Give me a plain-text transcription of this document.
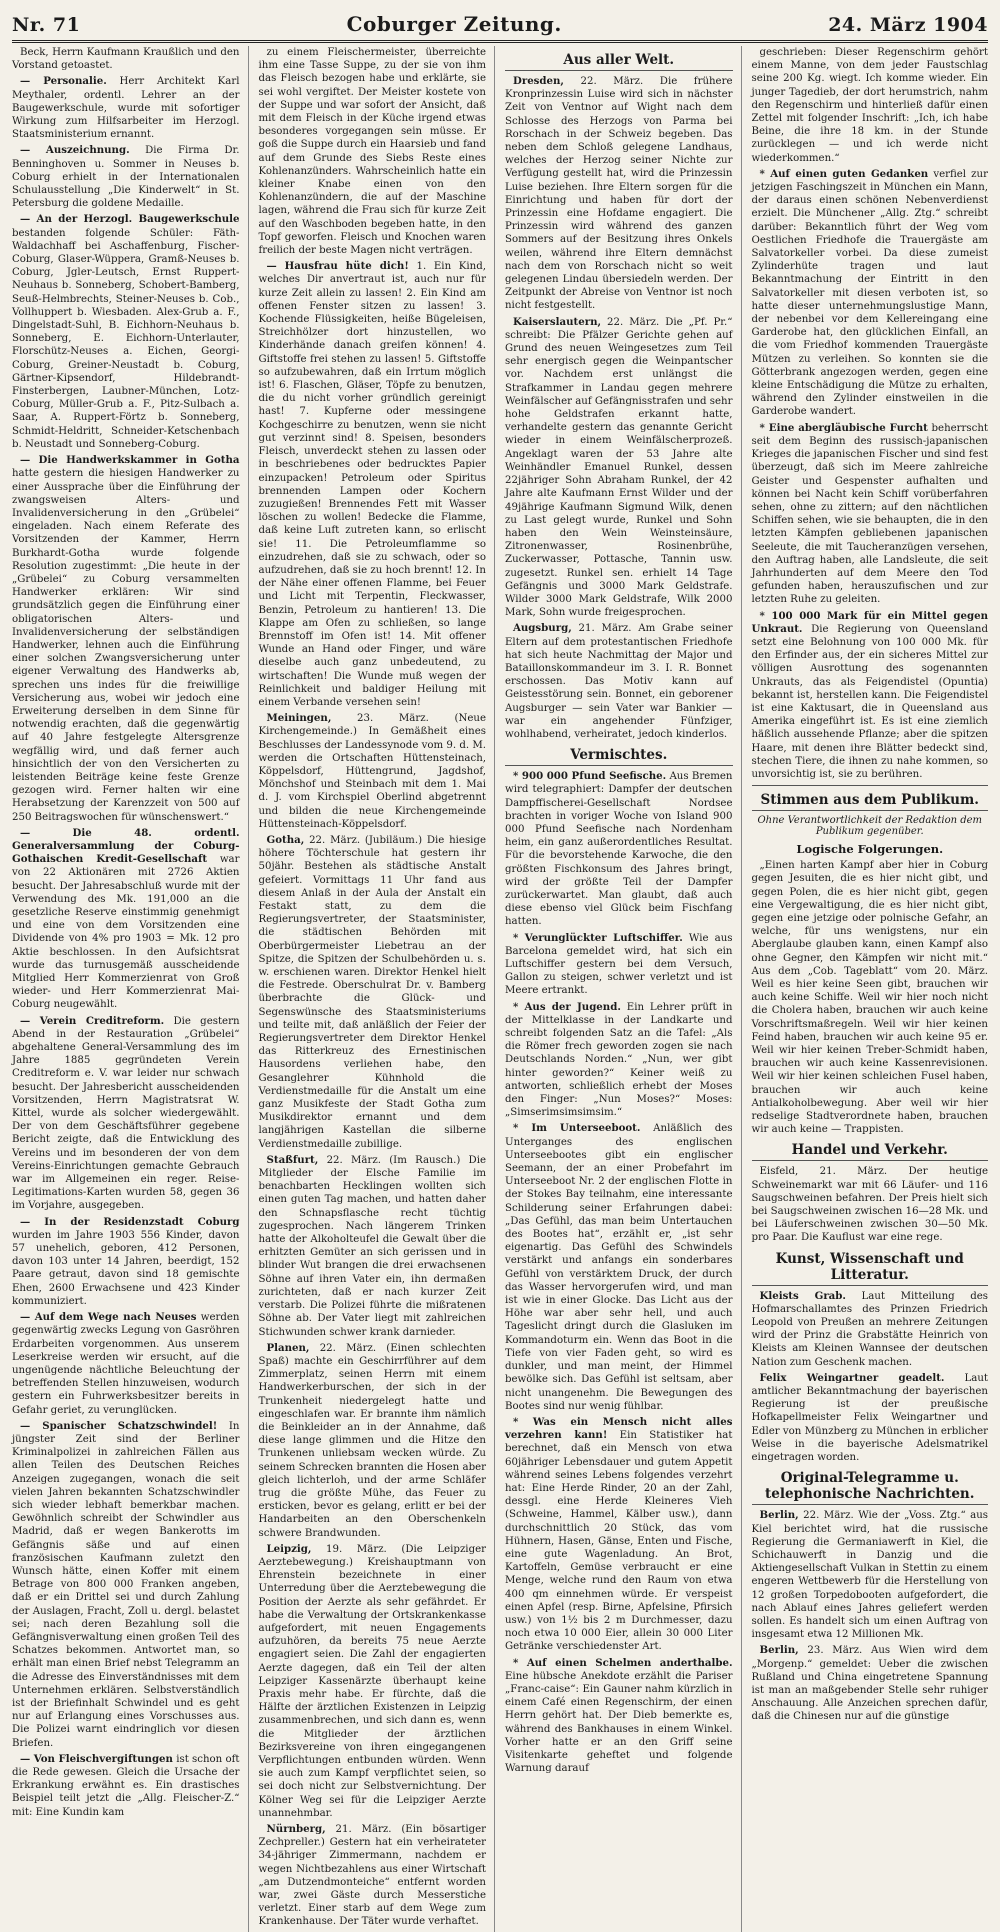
Nr. 71	Coburger Zeitung.	24. März 1904

Beck, Herrn Kaufmann Kraußlich und den Vorstand getoastet.

— Personalie. Herr Architekt Karl Meythaler, ordentl. Lehrer an der Baugewerkschule, wurde mit sofortiger Wirkung zum Hilfsarbeiter im Herzogl. Staatsministerium ernannt.

— Auszeichnung. Die Firma Dr. Benninghoven u. Sommer in Neuses b. Coburg erhielt in der Internationalen Schulausstellung „Die Kinderwelt“ in St. Petersburg die goldene Medaille.

— An der Herzogl. Baugewerkschule bestanden folgende Schüler: Fäth-Waldachhaff bei Aschaffenburg, Fischer-Coburg, Glaser-Wüppera, Gramß-Neuses b. Coburg, Jgler-Leutsch, Ernst Ruppert-Neuhaus b. Sonneberg, Schobert-Bamberg, Seuß-Helmbrechts, Steiner-Neuses b. Cob., Vollhuppert b. Wiesbaden. Alex-Grub a. F., Dingelstadt-Suhl, B. Eichhorn-Neuhaus b. Sonneberg, E. Eichhorn-Unterlauter, Florschütz-Neuses a. Eichen, Georgi-Coburg, Greiner-Neustadt b. Coburg, Gärtner-Kipsendorf, Hildebrandt-Finsterbergen, Laubner-München, Lotz-Coburg, Müller-Grub a. F., Pitz-Sulbach a. Saar, A. Ruppert-Förtz b. Sonneberg, Schmidt-Heldritt, Schneider-Ketschenbach b. Neustadt und Sonneberg-Coburg.

— Die Handwerkskammer in Gotha hatte gestern die hiesigen Handwerker zu einer Aussprache über die Einführung der zwangsweisen Alters- und Invalidenversicherung in den „Grübelei“ eingeladen. Nach einem Referate des Vorsitzenden der Kammer, Herrn Burkhardt-Gotha wurde folgende Resolution zugestimmt: „Die heute in der „Grübelei“ zu Coburg versammelten Handwerker erklären: Wir sind grundsätzlich gegen die Einführung einer obligatorischen Alters- und Invalidenversicherung der selbständigen Handwerker, lehnen auch die Einführung einer solchen Zwangsversicherung unter eigener Verwaltung des Handwerks ab, sprechen uns indes für die freiwillige Versicherung aus, wobei wir jedoch eine Erweiterung derselben in dem Sinne für notwendig erachten, daß die gegenwärtig auf 40 Jahre festgelegte Altersgrenze wegfällig wird, und daß ferner auch hinsichtlich der von den Versicherten zu leistenden Beiträge keine feste Grenze gezogen wird. Ferner halten wir eine Herabsetzung der Karenzzeit von 500 auf 250 Beitragswochen für wünschenswert.“

— Die 48. ordentl. Generalversammlung der Coburg-Gothaischen Kredit-Gesellschaft war von 22 Aktionären mit 2726 Aktien besucht. Der Jahresabschluß wurde mit der Verwendung des Mk. 191,000 an die gesetzliche Reserve einstimmig genehmigt und eine von dem Vorsitzenden eine Dividende von 4% pro 1903 = Mk. 12 pro Aktie beschlossen. In den Aufsichtsrat wurde das turnusgemäß ausscheidende Mitglied Herr Kommerzienrat von Groß wieder- und Herr Kommerzienrat Mai-Coburg neugewählt.

— Verein Creditreform. Die gestern Abend in der Restauration „Grübelei“ abgehaltene General-Versammlung des im Jahre 1885 gegründeten Verein Creditreform e. V. war leider nur schwach besucht. Der Jahresbericht ausscheidenden Vorsitzenden, Herrn Magistratsrat W. Kittel, wurde als solcher wiedergewählt. Der von dem Geschäftsführer gegebene Bericht zeigte, daß die Entwicklung des Vereins und im besonderen der von dem Vereins-Einrichtungen gemachte Gebrauch war im Allgemeinen ein reger. Reise-Legitimations-Karten wurden 58, gegen 36 im Vorjahre, ausgegeben.

— In der Residenzstadt Coburg wurden im Jahre 1903 556 Kinder, davon 57 unehelich, geboren, 412 Personen, davon 103 unter 14 Jahren, beerdigt, 152 Paare getraut, davon sind 18 gemischte Ehen, 2600 Erwachsene und 423 Kinder kommuniziert.

— Auf dem Wege nach Neuses werden gegenwärtig zwecks Legung von Gasröhren Erdarbeiten vorgenommen. Aus unserem Leserkreise werden wir ersucht, auf die ungenügende nächtliche Beleuchtung der betreffenden Stellen hinzuweisen, wodurch gestern ein Fuhrwerksbesitzer bereits in Gefahr geriet, zu verunglücken.

— Spanischer Schatzschwindel! In jüngster Zeit sind der Berliner Kriminalpolizei in zahlreichen Fällen aus allen Teilen des Deutschen Reiches Anzeigen zugegangen, wonach die seit vielen Jahren bekannten Schatzschwindler sich wieder lebhaft bemerkbar machen. Gewöhnlich schreibt der Schwindler aus Madrid, daß er wegen Bankerotts im Gefängnis säße und auf einen französischen Kaufmann zuletzt den Wunsch hätte, einen Koffer mit einem Betrage von 800 000 Franken angeben, daß er ein Drittel sei und durch Zahlung der Auslagen, Fracht, Zoll u. dergl. belastet sei; nach deren Bezahlung soll die Gefängnisverwaltung einen großen Teil des Schatzes bekommen. Antwortet man, so erhält man einen Brief nebst Telegramm an die Adresse des Einverständnisses mit dem Unternehmen erklären. Selbstverständlich ist der Briefinhalt Schwindel und es geht nur auf Erlangung eines Vorschusses aus. Die Polizei warnt eindringlich vor diesen Briefen.

— Von Fleischvergiftungen ist schon oft die Rede gewesen. Gleich die Ursache der Erkrankung erwähnt es. Ein drastisches Beispiel teilt jetzt die „Allg. Fleischer-Z.“ mit: Eine Kundin kam

zu einem Fleischermeister, überreichte ihm eine Tasse Suppe, zu der sie von ihm das Fleisch bezogen habe und erklärte, sie sei wohl vergiftet. Der Meister kostete von der Suppe und war sofort der Ansicht, daß mit dem Fleisch in der Küche irgend etwas besonderes vorgegangen sein müsse. Er goß die Suppe durch ein Haarsieb und fand auf dem Grunde des Siebs Reste eines Kohlenanzünders. Wahrscheinlich hatte ein kleiner Knabe einen von den Kohlenanzündern, die auf der Maschine lagen, während die Frau sich für kurze Zeit auf den Waschboden begeben hatte, in den Topf geworfen. Fleisch und Knochen waren freilich der beste Magen nicht verträgen.

— Hausfrau hüte dich! 1. Ein Kind, welches Dir anvertraut ist, auch nur für kurze Zeit allein zu lassen! 2. Ein Kind am offenen Fenster sitzen zu lassen! 3. Kochende Flüssigkeiten, heiße Bügeleisen, Streichhölzer dort hinzustellen, wo Kinderhände danach greifen können! 4. Giftstoffe frei stehen zu lassen! 5. Giftstoffe so aufzubewahren, daß ein Irrtum möglich ist! 6. Flaschen, Gläser, Töpfe zu benutzen, die du nicht vorher gründlich gereinigt hast! 7. Kupferne oder messingene Kochgeschirre zu benutzen, wenn sie nicht gut verzinnt sind! 8. Speisen, besonders Fleisch, unverdeckt stehen zu lassen oder in beschriebenes oder bedrucktes Papier einzupacken! Petroleum oder Spiritus brennenden Lampen oder Kochern zuzugießen! Brennendes Fett mit Wasser löschen zu wollen! Bedecke die Flamme, daß keine Luft zutreten kann, so erlischt sie! 11. Die Petroleumflamme so einzudrehen, daß sie zu schwach, oder so aufzudrehen, daß sie zu hoch brennt! 12. In der Nähe einer offenen Flamme, bei Feuer und Licht mit Terpentin, Fleckwasser, Benzin, Petroleum zu hantieren! 13. Die Klappe am Ofen zu schließen, so lange Brennstoff im Ofen ist! 14. Mit offener Wunde an Hand oder Finger, und wäre dieselbe auch ganz unbedeutend, zu wirtschaften! Die Wunde muß wegen der Reinlichkeit und baldiger Heilung mit einem Verbande versehen sein!

Meiningen,	23. März. (Neue Kirchengemeinde.) In Gemäßheit eines Beschlusses der Landessynode vom 9. d. M. werden die Ortschaften Hüttensteinach, Köppelsdorf, Hüttengrund, Jagdshof, Mönchshof und Steinbach mit dem 1. Mai d. J. vom Kirchspiel Oberlind abgetrennt und bilden die neue Kirchengemeinde Hüttensteinach-Köppelsdorf.

Gotha, 22. März. (Jubiläum.) Die hiesige höhere Töchterschule hat gestern ihr 50jähr. Bestehen als städtische Anstalt gefeiert. Vormittags 11 Uhr fand aus diesem Anlaß in der Aula der Anstalt ein Festakt statt, zu dem die Regierungsvertreter, der Staatsminister, die städtischen Behörden mit Oberbürgermeister Liebetrau an der Spitze, die Spitzen der Schulbehörden u. s. w. erschienen waren. Direktor Henkel hielt die Festrede. Oberschulrat Dr. v. Bamberg überbrachte die Glück- und Segenswünsche des Staatsministeriums und teilte mit, daß anläßlich der Feier der Regierungsvertreter dem Direktor Henkel das Ritterkreuz des Ernestinischen Hausordens verliehen habe, den Gesanglehrer Kühnhold die Verdienstmedaille für die Anstalt um eine ganz Musikfeste der Stadt Gotha zum Musikdirektor ernannt und dem langjährigen Kastellan die silberne Verdienstmedaille zubillige.

Staßfurt, 22. März. (Im Rausch.) Die Mitglieder der Elsche Familie im benachbarten Hecklingen wollten sich einen guten Tag machen, und hatten daher den Schnapsflasche recht tüchtig zugesprochen. Nach längerem Trinken hatte der Alkoholteufel die Gewalt über die erhitzten Gemüter an sich gerissen und in blinder Wut brangen die drei erwachsenen Söhne auf ihren Vater ein, ihn dermaßen zurichteten, daß er nach kurzer Zeit verstarb. Die Polizei führte die mißratenen Söhne ab. Der Vater liegt mit zahlreichen Stichwunden schwer krank darnieder.

Planen, 22. März. (Einen schlechten Spaß) machte ein Geschirrführer auf dem Zimmerplatz, seinen Herrn mit einem Handwerkerburschen, der sich in der Trunkenheit niedergelegt hatte und eingeschlafen war. Er brannte ihm nämlich die Beinkleider an in der Annahme, daß diese lange glimmen und die Hitze den Trunkenen unliebsam wecken würde. Zu seinem Schrecken brannten die Hosen aber gleich lichterloh, und der arme Schläfer trug die größte Mühe, das Feuer zu ersticken, bevor es gelang, erlitt er bei der Handarbeiten an den Oberschenkeln schwere Brandwunden.

Leipzig, 19. März. (Die Leipziger Aerztebewegung.) Kreishauptmann von Ehrenstein bezeichnete in einer Unterredung über die Aerztebewegung die Position der Aerzte als sehr gefährdet. Er habe die Verwaltung der Ortskrankenkasse aufgefordert, mit neuen Engagements aufzuhören, da bereits 75 neue Aerzte engagiert seien. Die Zahl der engagierten Aerzte dagegen, daß ein Teil der alten Leipziger Kassenärzte überhaupt keine Praxis mehr habe. Er fürchte, daß die Hälfte der ärztlichen Existenzen in Leipzig zusammenbrechen, und sich dann es, wenn die Mitglieder der ärztlichen Bezirksvereine von ihren eingegangenen Verpflichtungen entbunden würden. Wenn sie auch zum Kampf verpflichtet seien, so sei doch nicht zur Selbstvernichtung. Der Kölner Weg sei für die Leipziger Aerzte unannehmbar.

Nürnberg, 21. März. (Ein bösartiger Zechpreller.) Gestern hat ein verheirateter 34-jähriger Zimmermann, nachdem er wegen Nichtbezahlens aus einer Wirtschaft „am Dutzendmonteiche“ entfernt worden war, zwei Gäste durch Messerstiche verletzt. Einer starb auf dem Wege zum Krankenhause. Der Täter wurde verhaftet.

Aus aller Welt.

Dresden, 22. März. Die frühere Kronprinzessin Luise wird sich in nächster Zeit von Ventnor auf Wight nach dem Schlosse des Herzogs von Parma bei Rorschach in der Schweiz begeben. Das neben dem Schloß gelegene Landhaus, welches der Herzog seiner Nichte zur Verfügung gestellt hat, wird die Prinzessin Luise beziehen. Ihre Eltern sorgen für die Einrichtung und haben für dort der Prinzessin eine Hofdame engagiert. Die Prinzessin wird während des ganzen Sommers auf der Besitzung ihres Onkels weilen, während ihre Eltern demnächst nach dem von Rorschach nicht so weit gelegenen Lindau übersiedeln werden. Der Zeitpunkt der Abreise von Ventnor ist noch nicht festgestellt.

Kaiserslautern, 22. März. Die „Pf. Pr.“ schreibt: Die Pfälzer Gerichte gehen auf Grund des neuen Weingesetzes zum Teil sehr energisch gegen die Weinpantscher vor. Nachdem erst unlängst die Strafkammer in Landau gegen mehrere Weinfälscher auf Gefängnisstrafen und sehr hohe Geldstrafen erkannt hatte, verhandelte gestern das genannte Gericht wieder in einem Weinfälscherprozeß. Angeklagt waren der 53 Jahre alte Weinhändler Emanuel Runkel, dessen 22jähriger Sohn Abraham Runkel, der 42 Jahre alte Kaufmann Ernst Wilder und der 49jährige Kaufmann Sigmund Wilk, denen zu Last gelegt wurde, Runkel und Sohn haben den Wein Weinsteinsäure, Zitronenwasser, Rosinenbrühe, Zuckerwasser, Pottasche, Tannin usw. zugesetzt. Runkel sen. erhielt 14 Tage Gefängnis und 3000 Mark Geldstrafe. Wilder 3000 Mark Geldstrafe, Wilk 2000 Mark, Sohn wurde freigesprochen.

Augsburg, 21. März. Am Grabe seiner Eltern auf dem protestantischen Friedhofe hat sich heute Nachmittag der Major und Bataillonskommandeur im 3. I. R. Bonnet erschossen. Das Motiv kann auf Geistesstörung sein. Bonnet, ein geborener Augsburger — sein Vater war Bankier — war ein angehender Fünfziger, wohlhabend, verheiratet, jedoch kinderlos.

Vermischtes.

* 900 000 Pfund Seefische. Aus Bremen wird telegraphiert: Dampfer der deutschen Dampffischerei-Gesellschaft Nordsee brachten in voriger Woche von Island 900 000 Pfund Seefische nach Nordenham heim, ein ganz außerordentliches Resultat. Für die bevorstehende Karwoche, die den größten Fischkonsum des Jahres bringt, wird der größte Teil der Dampfer zurückerwartet. Man glaubt, daß auch diese ebenso viel Glück beim Fischfang hatten.

* Verunglückter Luftschiffer. Wie aus Barcelona gemeldet wird, hat sich ein Luftschiffer gestern bei dem Versuch, Gallon zu steigen, schwer verletzt und ist Meere ertrankt.

* Aus der Jugend. Ein Lehrer prüft in der Mittelklasse in der Landkarte und schreibt folgenden Satz an die Tafel: „Als die Römer frech geworden zogen sie nach Deutschlands Norden.“ „Nun, wer gibt hinter geworden?“ Keiner weiß zu antworten, schließlich erhebt der Moses den Finger: „Nun Moses?“ Moses: „Simserimsimsimsim.“

* Im Unterseeboot. Anläßlich des Unterganges des englischen Unterseebootes gibt ein englischer Seemann, der an einer Probefahrt im Unterseeboot Nr. 2 der englischen Flotte in der Stokes Bay teilnahm, eine interessante Schilderung seiner Erfahrungen dabei: „Das Gefühl, das man beim Untertauchen des Bootes hat“, erzählt er, „ist sehr eigenartig. Das Gefühl des Schwindels verstärkt und anfangs ein sonderbares Gefühl von verstärktem Druck, der durch das Wasser hervorgerufen wird, und man ist wie in einer Glocke. Das Licht aus der Höhe war aber sehr hell, und auch Tageslicht dringt durch die Glasluken im Kommandoturm ein. Wenn das Boot in die Tiefe von vier Faden geht, so wird es dunkler, und man meint, der Himmel bewölke sich. Das Gefühl ist seltsam, aber nicht unangenehm. Die Bewegungen des Bootes sind nur wenig fühlbar.

* Was ein Mensch nicht alles verzehren kann! Ein Statistiker hat berechnet, daß ein Mensch von etwa 60jähriger Lebensdauer und gutem Appetit während seines Lebens folgendes verzehrt hat: Eine Herde Rinder, 20 an der Zahl, dessgl. eine Herde Kleineres Vieh (Schweine, Hammel, Kälber usw.), dann durchschnittlich 20 Stück, das vom Hühnern, Hasen, Gänse, Enten und Fische, eine gute Wagenladung. An Brot, Kartoffeln, Gemüse verbraucht er eine Menge, welche rund den Raum von etwa 400 qm einnehmen würde. Er verspeist einen Apfel (resp. Birne, Apfelsine, Pfirsich usw.) von 1½ bis 2 m Durchmesser, dazu noch etwa 10 000 Eier, allein 30 000 Liter Getränke verschiedenster Art.

* Auf einen Schelmen anderthalbe. Eine hübsche Anekdote erzählt die Pariser „Franc-caise“: Ein Gauner nahm kürzlich in einem Café einen Regenschirm, der einen Herrn gehört hat. Der Dieb bemerkte es, während des Bankhauses in einem Winkel. Vorher hatte er an den Griff seine Visitenkarte geheftet und folgende Warnung darauf

geschrieben: Dieser Regenschirm gehört einem Manne, von dem jeder Faustschlag seine 200 Kg. wiegt. Ich komme wieder. Ein junger Tagedieb, der dort herumstrich, nahm den Regenschirm und hinterließ dafür einen Zettel mit folgender Inschrift: „Ich, ich habe Beine, die ihre 18 km. in der Stunde zurücklegen — und ich werde nicht wiederkommen.“

* Auf einen guten Gedanken verfiel zur jetzigen Faschingszeit in München ein Mann, der daraus einen schönen Nebenverdienst erzielt. Die Münchener „Allg. Ztg.“ schreibt darüber: Bekanntlich führt der Weg vom Oestlichen Friedhofe die Trauergäste am Salvatorkeller vorbei. Da diese zumeist Zylinderhüte tragen und laut Bekanntmachung der Eintritt in den Salvatorkeller mit diesen verboten ist, so hatte dieser unternehmungslustige Mann, der nebenbei vor dem Kellereingang eine Garderobe hat, den glücklichen Einfall, an die vom Friedhof kommenden Trauergäste Mützen zu verleihen. So konnten sie die Götterbrank angezogen werden, gegen eine kleine Entschädigung die Mütze zu erhalten, während den Zylinder einstweilen in die Garderobe wandert.

* Eine abergläubische Furcht beherrscht seit dem Beginn des russisch-japanischen Krieges die japanischen Fischer und sind fest überzeugt, daß sich im Meere zahlreiche Geister und Gespenster aufhalten und können bei Nacht kein Schiff vorüberfahren sehen, ohne zu zittern; auf den nächtlichen Schiffen sehen, wie sie behaupten, die in den letzten Kämpfen gebliebenen japanischen Seeleute, die mit Taucheranzügen versehen, den Auftrag haben, alle Landsleute, die seit Jahrhunderten auf dem Meere den Tod gefunden haben, herauszufischen und zur letzten Ruhe zu geleiten.

* 100 000 Mark für ein Mittel gegen Unkraut. Die Regierung von Queensland setzt eine Belohnung von 100 000 Mk. für den Erfinder aus, der ein sicheres Mittel zur völligen Ausrottung des sogenannten Unkrauts, das als Feigendistel (Opuntia) bekannt ist, herstellen kann. Die Feigendistel ist eine Kaktusart, die in Queensland aus Amerika eingeführt ist. Es ist eine ziemlich häßlich aussehende Pflanze; aber die spitzen Haare, mit denen ihre Blätter bedeckt sind, stechen Tiere, die ihnen zu nahe kommen, so unvorsichtig ist, sie zu berühren.

Stimmen aus dem Publikum.
Ohne Verantwortlichkeit der Redaktion dem Publikum gegenüber.
Logische Folgerungen.

„Einen harten Kampf aber hier in Coburg gegen Jesuiten, die es hier nicht gibt, und gegen Polen, die es hier nicht gibt, gegen eine Vergewaltigung, die es hier nicht gibt, gegen eine jetzige oder polnische Gefahr, an welche, für uns wenigstens, nur ein Aberglaube glauben kann, einen Kampf also ohne Gegner, den Kämpfen wir nicht mit.“ Aus dem „Cob. Tageblatt“ vom 20. März. Weil es hier keine Seen gibt, brauchen wir auch keine Schiffe. Weil wir hier noch nicht die Cholera haben, brauchen wir auch keine Vorschriftsmaßregeln. Weil wir hier keinen Feind haben, brauchen wir auch keine 95 er. Weil wir hier keinen Treber-Schmidt haben, brauchen wir auch keine Kassenrevisionen. Weil wir hier keinen schleichen Fusel haben, brauchen wir auch keine Antialkoholbewegung. Aber weil wir hier redselige Stadtverordnete haben, brauchen wir auch keine — Trappisten.

Handel und Verkehr.

Eisfeld, 21. März. Der heutige Schweinemarkt war mit 66 Läufer- und 116 Saugschweinen befahren. Der Preis hielt sich bei Saugschweinen zwischen 16—28 Mk. und bei Läuferschweinen zwischen 30—50 Mk. pro Paar. Die Kauflust war eine rege.

Kunst, Wissenschaft und Litteratur.

Kleists Grab. Laut Mitteilung des Hofmarschallamtes des Prinzen Friedrich Leopold von Preußen an mehrere Zeitungen wird der Prinz die Grabstätte Heinrich von Kleists am Kleinen Wannsee der deutschen Nation zum Geschenk machen.

Felix Weingartner geadelt. Laut amtlicher Bekanntmachung der bayerischen Regierung ist der preußische Hofkapellmeister Felix Weingartner und Edler von Münzberg zu München in erblicher Weise in die bayerische Adelsmatrikel eingetragen worden.

Original-Telegramme u. telephonische Nachrichten.

Berlin, 22. März. Wie der „Voss. Ztg.“ aus Kiel berichtet wird, hat die russische Regierung die Germaniawerft in Kiel, die Schichauwerft in Danzig und die Aktiengesellschaft Vulkan in Stettin zu einem engeren Wettbewerb für die Herstellung von 12 großen Torpedobooten aufgefordert, die nach Ablauf eines Jahres geliefert werden sollen. Es handelt sich um einen Auftrag von insgesamt etwa 12 Millionen Mk.

Berlin, 23. März. Aus Wien wird dem „Morgenp.“ gemeldet: Ueber die zwischen Rußland und China eingetretene Spannung ist man an maßgebender Stelle sehr ruhiger Anschauung. Alle Anzeichen sprechen dafür, daß die Chinesen nur auf die günstige
